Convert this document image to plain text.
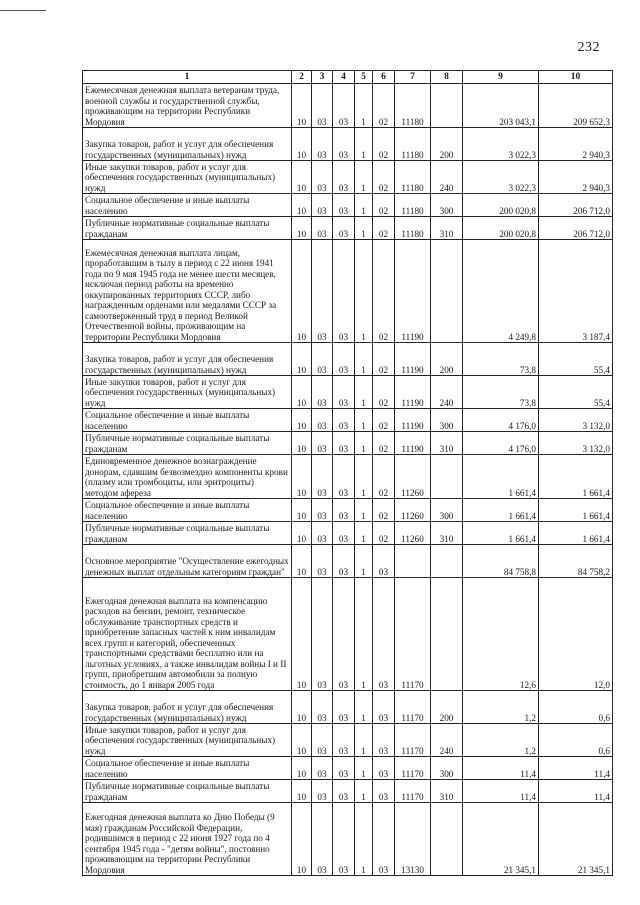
232
1	2	3	4	5	6	7	8	9	10
Ежемесячная денежная выплата ветеранам труда, военной службы и государственной службы, проживающим на территории Республики Мордовия	10	03	03	1	02	11180		203 043,1	209 652,3
Закупка товаров, работ и услуг для обеспечения государственных (муниципальных) нужд	10	03	03	1	02	11180	200	3 022,3	2 940,3
Иные закупки товаров, работ и услуг для обеспечения государственных (муниципальных) нужд	10	03	03	1	02	11180	240	3 022,3	2 940,3
Социальное обеспечение и иные выплаты населению	10	03	03	1	02	11180	300	200 020,8	206 712,0
Публичные нормативные социальные выплаты гражданам	10	03	03	1	02	11180	310	200 020,8	206 712,0
Ежемесячная денежная выплата лицам, проработавшим в тылу в период с 22 июня 1941 года по 9 мая 1945 года не менее шести месяцев, исключая период работы на временно оккупированных территориях СССР, либо награжденным орденами или медалями СССР за самоотверженный труд в период Великой Отечественной войны, проживающим на территории Республики Мордовия	10	03	03	1	02	11190		4 249,8	3 187,4
Закупка товаров, работ и услуг для обеспечения государственных (муниципальных) нужд	10	03	03	1	02	11190	200	73,8	55,4
Иные закупки товаров, работ и услуг для обеспечения государственных (муниципальных) нужд	10	03	03	1	02	11190	240	73,8	55,4
Социальное обеспечение и иные выплаты населению	10	03	03	1	02	11190	300	4 176,0	3 132,0
Публичные нормативные социальные выплаты гражданам	10	03	03	1	02	11190	310	4 176,0	3 132,0
Единовременное денежное вознаграждение донорам, сдавшим безвозмездно компоненты крови (плазму или тромбоциты, или эритроциты) методом афереза	10	03	03	1	02	11260		1 661,4	1 661,4
Социальное обеспечение и иные выплаты населению	10	03	03	1	02	11260	300	1 661,4	1 661,4
Публичные нормативные социальные выплаты гражданам	10	03	03	1	02	11260	310	1 661,4	1 661,4
Основное мероприятие "Осуществление ежегодных денежных выплат отдельным категориям граждан"	10	03	03	1	03			84 758,8	84 758,2
Ежегодная денежная выплата на компенсацию расходов на бензин, ремонт, техническое обслуживание транспортных средств и приобретение запасных частей к ним инвалидам всех групп и категорий, обеспеченных транспортными средствами бесплатно или на льготных условиях, а также инвалидам войны I и II групп, приобретшим автомобили за полную стоимость, до 1 января 2005 года	10	03	03	1	03	11170		12,6	12,0
Закупка товаров, работ и услуг для обеспечения государственных (муниципальных) нужд	10	03	03	1	03	11170	200	1,2	0,6
Иные закупки товаров, работ и услуг для обеспечения государственных (муниципальных) нужд	10	03	03	1	03	11170	240	1,2	0,6
Социальное обеспечение и иные выплаты населению	10	03	03	1	03	11170	300	11,4	11,4
Публичные нормативные социальные выплаты гражданам	10	03	03	1	03	11170	310	11,4	11,4
Ежегодная денежная выплата ко Дню Победы (9 мая) гражданам Российской Федерации, родившимся в период с 22 июня 1927 года по 4 сентября 1945 года - "детям войны", постоянно проживающим на территории Республики Мордовия	10	03	03	1	03	13130		21 345,1	21 345,1
